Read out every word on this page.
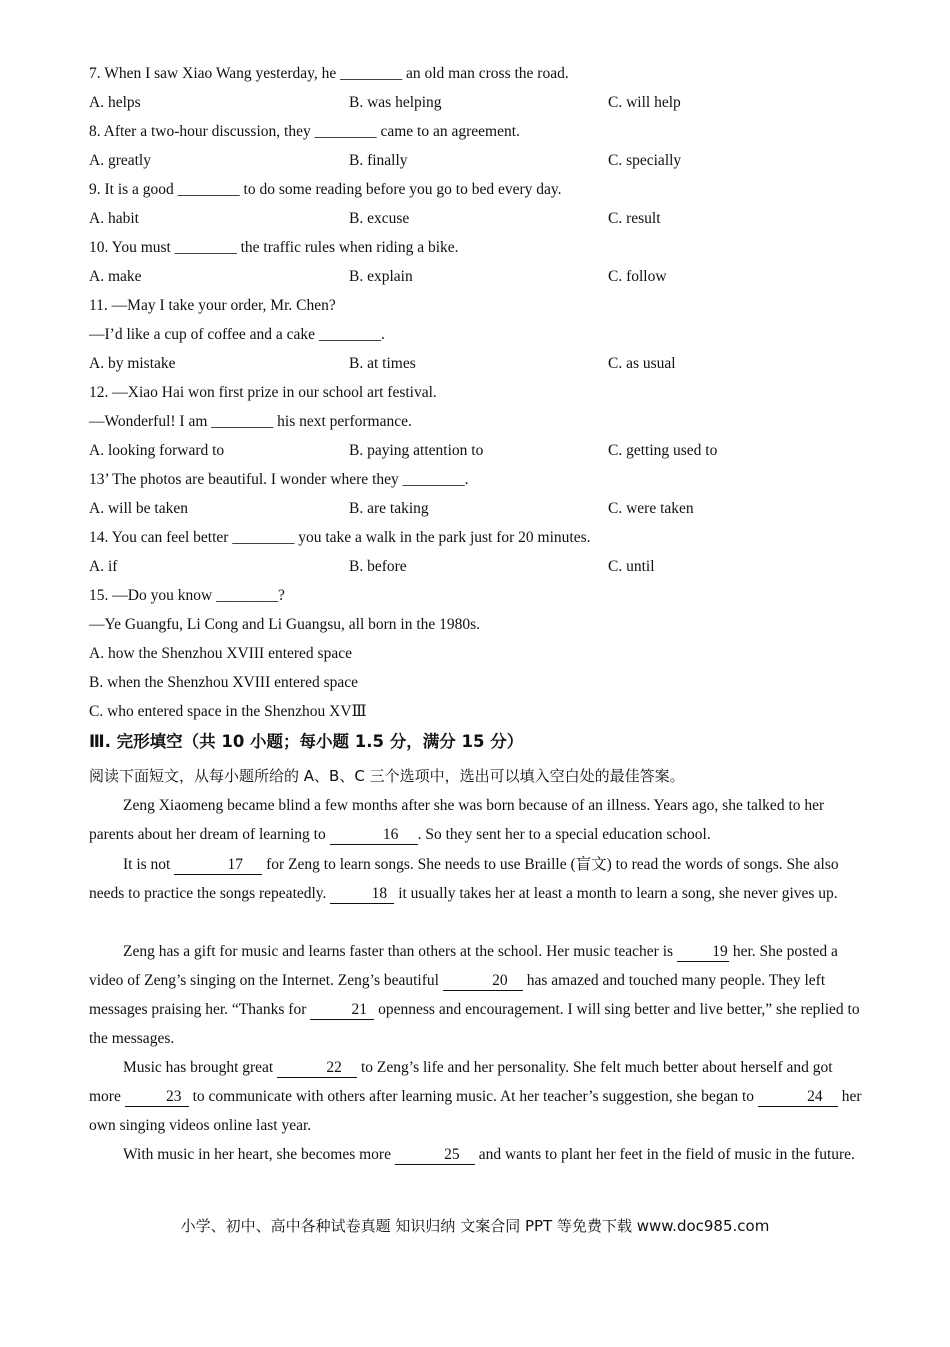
7. When I saw Xiao Wang yesterday, he ________ an old man cross the road.
A. helps	B. was helping	C. will help
8. After a two-hour discussion, they ________ came to an agreement.
A. greatly	B. finally	C. specially
9. It is a good ________ to do some reading before you go to bed every day.
A. habit	B. excuse	C. result
10. You must ________ the traffic rules when riding a bike.
A. make	B. explain	C. follow
11. —May I take your order, Mr. Chen?
—I’d like a cup of coffee and a cake ________.
A. by mistake	B. at times	C. as usual
12. —Xiao Hai won first prize in our school art festival.
—Wonderful! I am ________ his next performance.
A. looking forward to	B. paying attention to	C. getting used to
13’ The photos are beautiful. I wonder where they ________.
A. will be taken	B. are taking	C. were taken
14. You can feel better ________ you take a walk in the park just for 20 minutes.
A. if	B. before	C. until
15. —Do you know ________?
—Ye Guangfu, Li Cong and Li Guangsu, all born in the 1980s.
A. how the Shenzhou XVIII entered space
B. when the Shenzhou XVIII entered space
C. who entered space in the Shenzhou XVⅢ
Ⅲ. 完形填空（共 10 小题；每小题 1.5 分，满分 15 分）
阅读下面短文，从每小题所给的 A、B、C 三个选项中，选出可以填入空白处的最佳答案。
Zeng Xiaomeng became blind a few months after she was born because of an illness. Years ago, she talked to her parents about her dream of learning to	16 . So they sent her to a special education school.
It is not	17 for Zeng to learn songs. She needs to use Braille (盲文) to read the words of songs. She also needs to practice the songs repeatedly.	18 it usually takes her at least a month to learn a song, she never gives up.
Zeng has a gift for music and learns faster than others at the school. Her music teacher is 19 her. She posted a video of Zeng’s singing on the Internet. Zeng’s beautiful	20 has amazed and touched many people. They left messages praising her. “Thanks for	21 openness and encouragement. I will sing better and live better,” she replied to the messages.
Music has brought great	22 to Zeng’s life and her personality. She felt much better about herself and got more	23 to communicate with others after learning music. At her teacher’s suggestion, she began to	24 her own singing videos online last year.
With music in her heart, she becomes more	25 and wants to plant her feet in the field of music in the future.
小学、初中、高中各种试卷真题 知识归纳 文案合同 PPT 等免费下载 www.doc985.com
